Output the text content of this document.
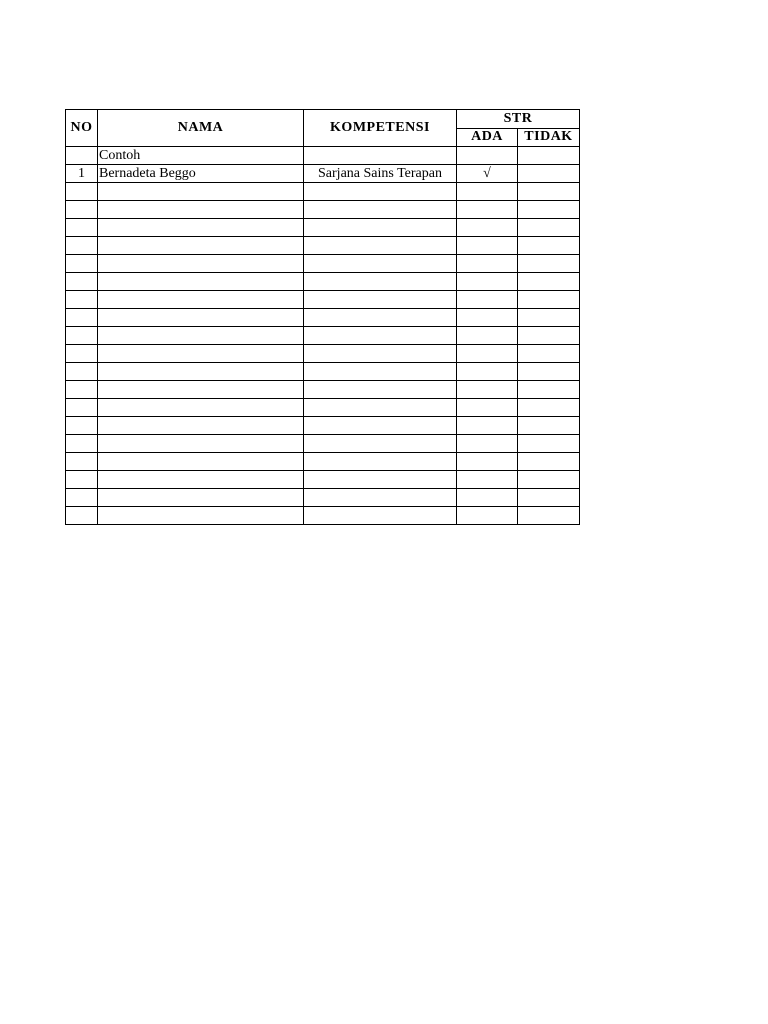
NO	NAMA	KOMPETENSI	STR	
			ADA	TIDAK
	Contoh			
1	Bernadeta Beggo	Sarjana Sains Terapan	√	
